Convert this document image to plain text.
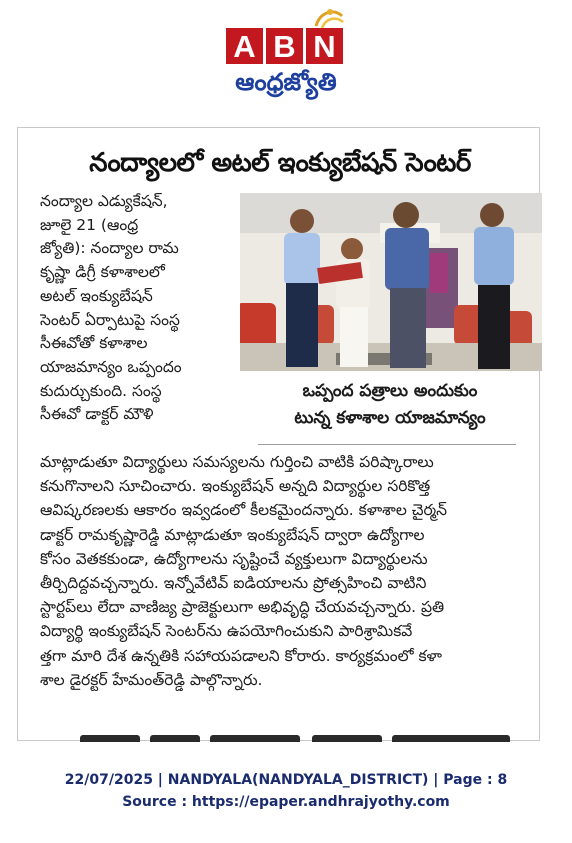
A B N
ఆంధ్రజ్యోతి
నంద్యాలలో అటల్ ఇంక్యుబేషన్ సెంటర్
నంద్యాల ఎడ్యుకేషన్,
జూలై 21 (ఆంధ్ర
జ్యోతి): నంద్యాల రామ
కృష్ణా డిగ్రీ కళాశాలలో
అటల్ ఇంక్యుబేషన్
సెంటర్ ఏర్పాటుపై సంస్థ
సీఈవోతో కళాశాల
యాజమాన్యం ఒప్పందం
కుదుర్చుకుంది. సంస్థ
సీఈవో డాక్టర్ మౌళి
ఒప్పంద పత్రాలు అందుకుం
టున్న కళాశాల యాజమాన్యం
మాట్లాడుతూ విద్యార్థులు సమస్యలను గుర్తించి వాటికి పరిష్కారాలు
కనుగొనాలని సూచించారు. ఇంక్యుబేషన్ అన్నది విద్యార్థుల సరికొత్త
ఆవిష్కరణలకు ఆకారం ఇవ్వడంలో కీలకమైందన్నారు. కళాశాల చైర్మన్
డాక్టర్ రామకృష్ణారెడ్డి మాట్లాడుతూ ఇంక్యుబేషన్ ద్వారా ఉద్యోగాల
కోసం వెతకకుండా, ఉద్యోగాలను సృష్టించే వ్యక్తులుగా విద్యార్థులను
తీర్చిదిద్దవచ్చన్నారు. ఇన్నోవేటివ్ ఐడియాలను ప్రోత్సహించి వాటిని
స్టార్టప్‌లు లేదా వాణిజ్య ప్రాజెక్టులుగా అభివృద్ధి చేయవచ్చన్నారు. ప్రతి
విద్యార్థి ఇంక్యుబేషన్ సెంటర్‌ను ఉపయోగించుకుని పారిశ్రామికవే
త్తగా మారి దేశ ఉన్నతికి సహాయపడాలని కోరారు. కార్యక్రమంలో కళా
శాల డైరక్టర్ హేమంత్‌రెడ్డి పాల్గొన్నారు.
22/07/2025 | NANDYALA(NANDYALA_DISTRICT) | Page : 8
Source : https://epaper.andhrajyothy.com
